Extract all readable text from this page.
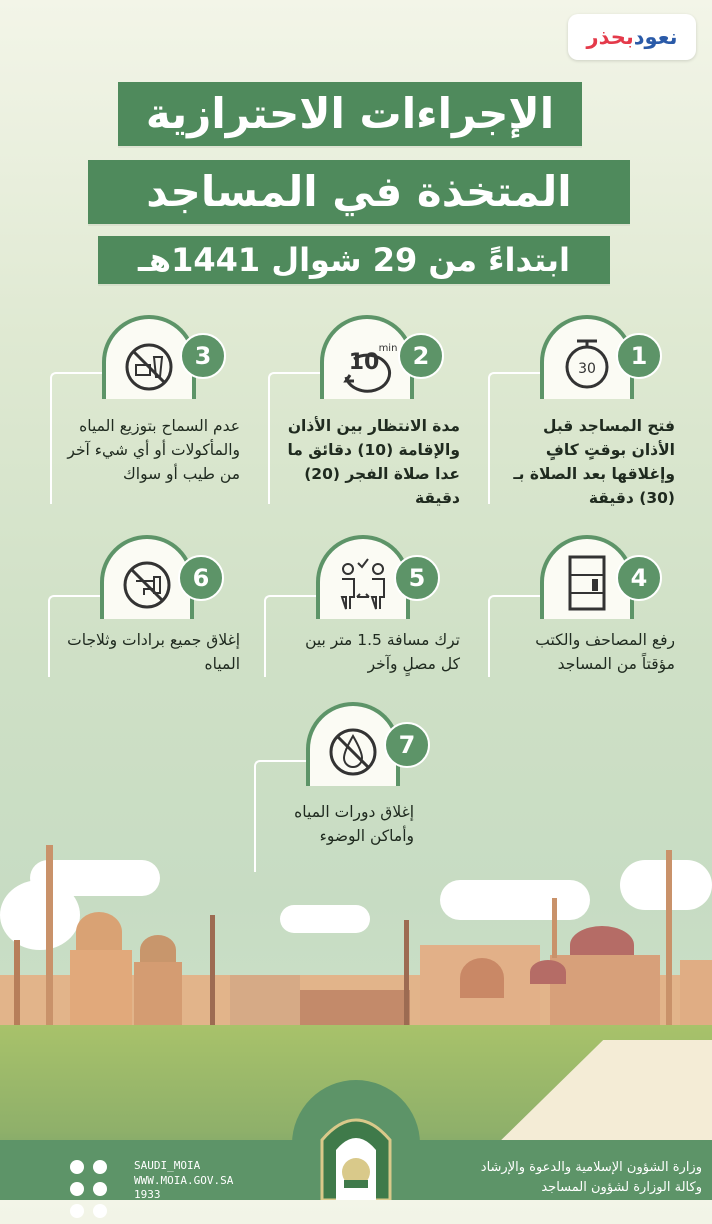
نعود
بحذر
الإجراءات الاحترازية
المتخذة في المساجد
ابتداءً من 29 شوال 1441هـ
30	1
فتح المساجد قبل الأذان بوقتٍ كافٍ وإغلاقها بعد الصلاة بـ (30) دقيقة
10
min 2
مدة الانتظار بين الأذان والإقامة (10) دقائق ما عدا صلاة الفجر (20) دقيقة
3
عدم السماح بتوزيع المياه والمأكولات أو أي شيء آخر من طيب أو سواك
4
رفع المصاحف والكتب مؤقتاً من المساجد
5
ترك مسافة 1.5 متر بين كل مصلٍ وآخر
6
إغلاق جميع برادات وثلاجات المياه
7
إغلاق دورات المياه وأماكن الوضوء
وزارة الشؤون الإسلامية والدعوة والإرشاد
وكالة الوزارة لشؤون المساجد

SAUDI_MOIA
WWW.MOIA.GOV.SA
1933
